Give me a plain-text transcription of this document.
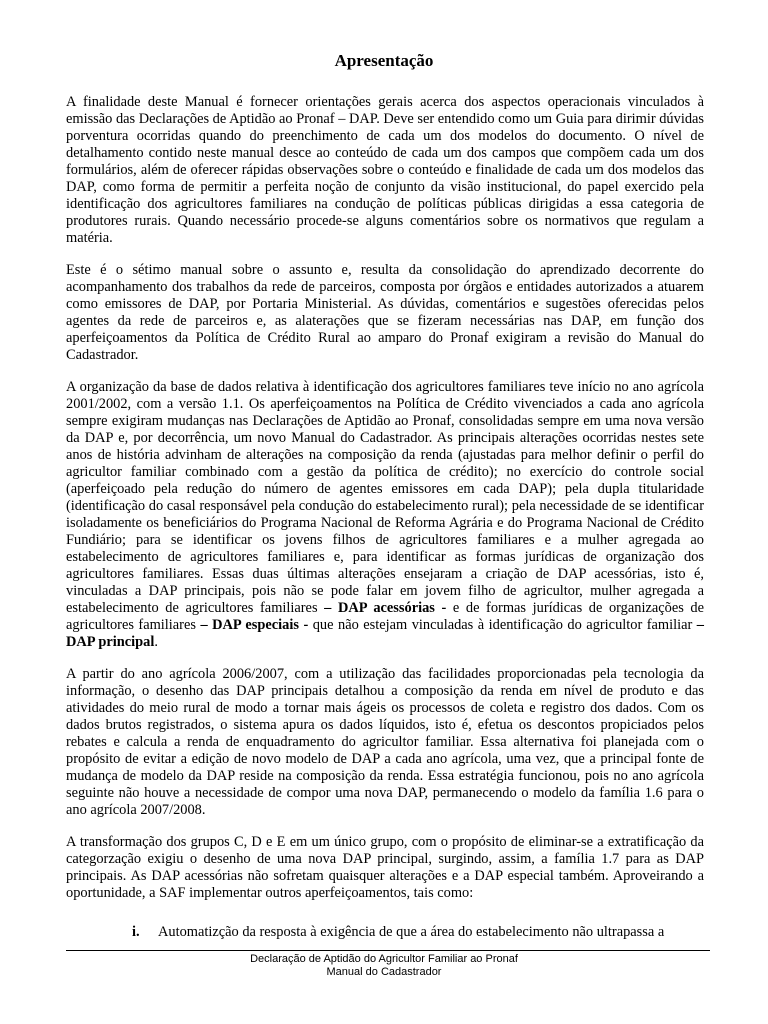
Apresentação

A finalidade deste Manual é fornecer orientações gerais acerca dos aspectos operacionais vinculados à emissão das Declarações de Aptidão ao Pronaf – DAP. Deve ser entendido como um Guia para dirimir dúvidas porventura ocorridas quando do preenchimento de cada um dos modelos do documento. O nível de detalhamento contido neste manual desce ao conteúdo de cada um dos campos que compõem cada um dos formulários, além de oferecer rápidas observações sobre o conteúdo e finalidade de cada um dos modelos das DAP, como forma de permitir a perfeita noção de conjunto da visão institucional, do papel exercido pela identificação dos agricultores familiares na condução de políticas públicas dirigidas a essa categoria de produtores rurais. Quando necessário procede-se alguns comentários sobre os normativos que regulam a matéria.

Este é o sétimo manual sobre o assunto e, resulta da consolidação do aprendizado decorrente do acompanhamento dos trabalhos da rede de parceiros, composta por órgãos e entidades autorizados a atuarem como emissores de DAP, por Portaria Ministerial. As dúvidas, comentários e sugestões oferecidas pelos agentes da rede de parceiros e, as alaterações que se fizeram necessárias nas DAP, em função dos aperfeiçoamentos da Política de Crédito Rural ao amparo do Pronaf exigiram a revisão do Manual do Cadastrador.

A organização da base de dados relativa à identificação dos agricultores familiares teve início no ano agrícola 2001/2002, com a versão 1.1. Os aperfeiçoamentos na Política de Crédito vivenciados a cada ano agrícola sempre exigiram mudanças nas Declarações de Aptidão ao Pronaf, consolidadas sempre em uma nova versão da DAP e, por decorrência, um novo Manual do Cadastrador. As principais alterações ocorridas nestes sete anos de história advinham de alterações na composição da renda (ajustadas para melhor definir o perfil do agricultor familiar combinado com a gestão da política de crédito); no exercício do controle social (aperfeiçoado pela redução do número de agentes emissores em cada DAP); pela dupla titularidade (identificação do casal responsável pela condução do estabelecimento rural); pela necessidade de se identificar isoladamente os beneficiários do Programa Nacional de Reforma Agrária e do Programa Nacional de Crédito Fundiário; para se identificar os jovens filhos de agricultores familiares e a mulher agregada ao estabelecimento de agricultores familiares e, para identificar as formas jurídicas de organização dos agricultores familiares. Essas duas últimas alterações ensejaram a criação de DAP acessórias, isto é, vinculadas a DAP principais, pois não se pode falar em jovem filho de agricultor, mulher agregada a estabelecimento de agricultores familiares – DAP acessórias - e de formas jurídicas de organizações de agricultores familiares – DAP especiais - que não estejam vinculadas à identificação do agricultor familiar – DAP principal.

A partir do ano agrícola 2006/2007, com a utilização das facilidades proporcionadas pela tecnologia da informação, o desenho das DAP principais detalhou a composição da renda em nível de produto e das atividades do meio rural de modo a tornar mais ágeis os processos de coleta e registro dos dados. Com os dados brutos registrados, o sistema apura os dados líquidos, isto é, efetua os descontos propiciados pelos rebates e calcula a renda de enquadramento do agricultor familiar. Essa alternativa foi planejada com o propósito de evitar a edição de novo modelo de DAP a cada ano agrícola, uma vez, que a principal fonte de mudança de modelo da DAP reside na composição da renda. Essa estratégia funcionou, pois no ano agrícola seguinte não houve a necessidade de compor uma nova DAP, permanecendo o modelo da família 1.6 para o ano agrícola 2007/2008.

A transformação dos grupos C, D e E em um único grupo, com o propósito de eliminar-se a extratificação da categorzação exigiu o desenho de uma nova DAP principal, surgindo, assim, a família 1.7 para as DAP principais. As DAP acessórias não sofretam quaisquer alterações e a DAP especial também. Aproveirando a oportunidade, a SAF implementar outros aperfeiçoamentos, tais como:

i. Automatizção da resposta à exigência de que a área do estabelecimento não ultrapassa a
Declaração de Aptidão do Agricultor Familiar ao Pronaf
Manual do Cadastrador
